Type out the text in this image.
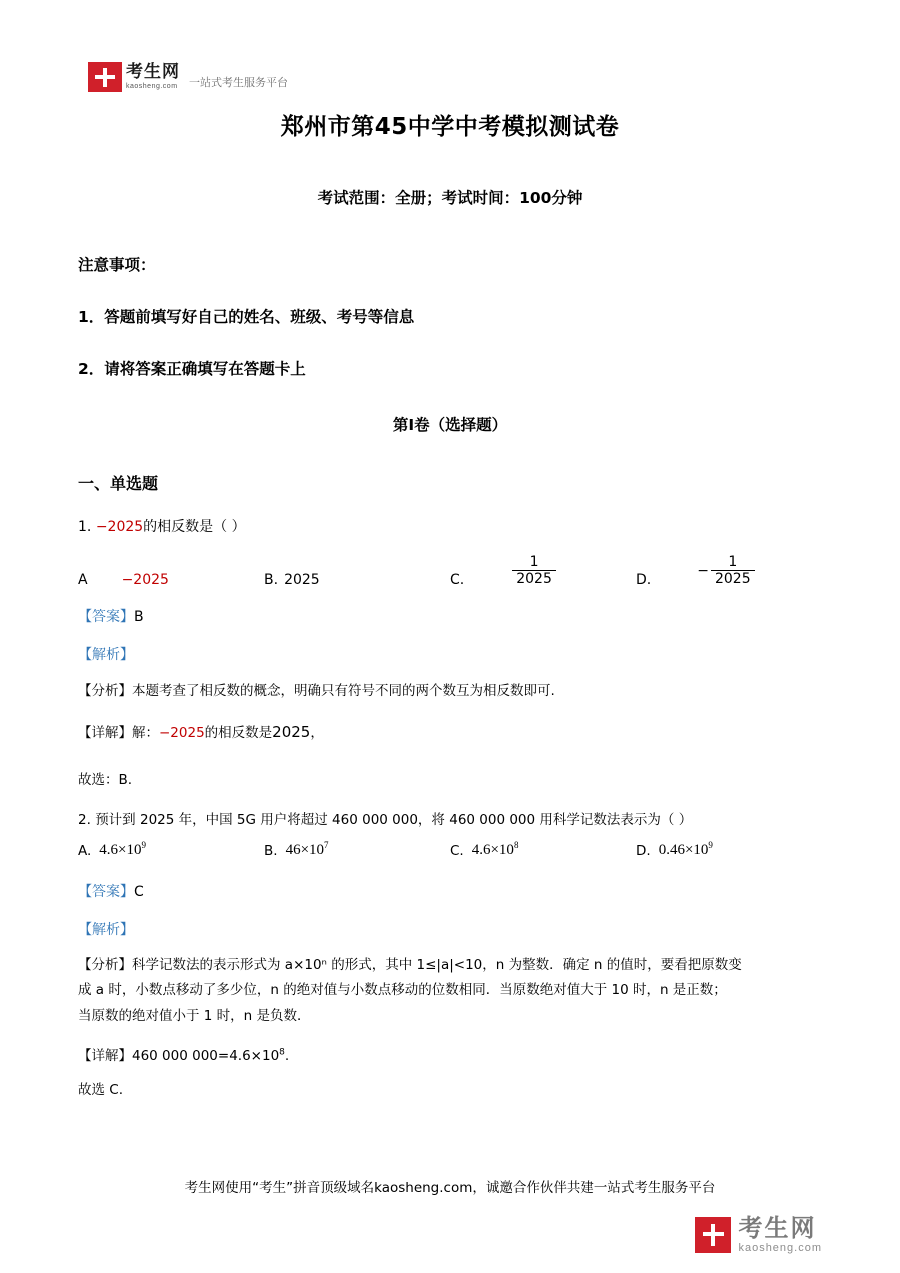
考生网
kaosheng.com 一站式考生服务平台
郑州市第45中学中考模拟测试卷
考试范围：全册；考试时间：100分钟
注意事项：
1．答题前填写好自己的姓名、班级、考号等信息
2．请将答案正确填写在答题卡上
第I卷（选择题）
一、单选题
1. −2025的相反数是（ ）
A −2025	B. 2025	C.	$\frac{1}{2025}$	D.
− $\frac{1}{2025}$
【答案】B
【解析】
【分析】本题考查了相反数的概念，明确只有符号不同的两个数互为相反数即可.
【详解】解：−2025的相反数是2025，
故选：B.
2. 预计到 2025 年，中国 5G 用户将超过 460 000 000，将 460 000 000 用科学记数法表示为（ ）
A. $4.6\times 10^9$	B. $46\times 10^7$	C. $4.6\times 10^8$	D. $0.46\times 10^9$
【答案】C
【解析】
【分析】科学记数法的表示形式为 a×10ⁿ 的形式，其中 1≤|a|<10，n 为整数．确定 n 的值时，要看把原数变
成 a 时，小数点移动了多少位，n 的绝对值与小数点移动的位数相同．当原数绝对值大于 10 时，n 是正数；
当原数的绝对值小于 1 时，n 是负数．
【详解】460 000 $000=4.6\times 10^8$.
故选 C.
考生网使用“考生”拼音顶级域名kaosheng.com，诚邀合作伙伴共建一站式考生服务平台
考生网
kaosheng.com
